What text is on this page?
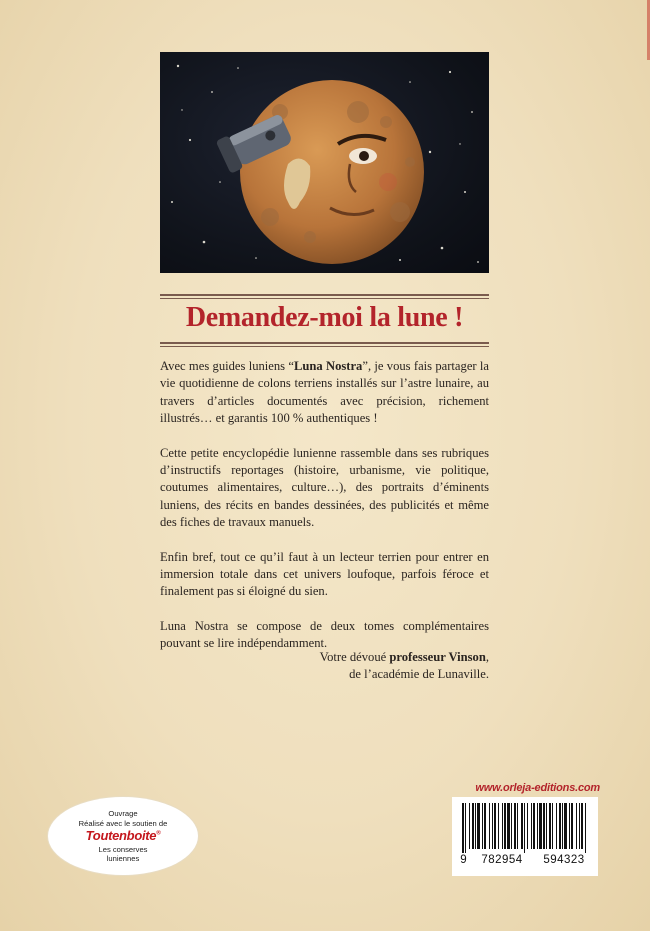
Demandez-moi la lune !

Avec mes guides luniens “Luna Nostra”, je vous fais partager la vie quotidienne de colons terriens installés sur l’astre lunaire, au travers d’articles documentés avec précision, richement illustrés… et garantis 100 % authentiques !

Cette petite encyclopédie lunienne rassemble dans ses rubriques d’instructifs reportages (histoire, urbanisme, vie politique, coutumes alimentaires, culture…), des portraits d’éminents luniens, des récits en bandes dessinées, des publicités et même des fiches de travaux manuels.

Enfin bref, tout ce qu’il faut à un lecteur terrien pour entrer en immersion totale dans cet univers loufoque, parfois féroce et finalement pas si éloigné du sien.

Luna Nostra se compose de deux tomes complémentaires pouvant se lire indépendamment.

Votre dévoué professeur Vinson,
de l’académie de Lunaville.
www.orleja-editions.com
9 782954 594323
Ouvrage
Réalisé avec le soutien de
Toutenboite®
Les conserves
luniennes
